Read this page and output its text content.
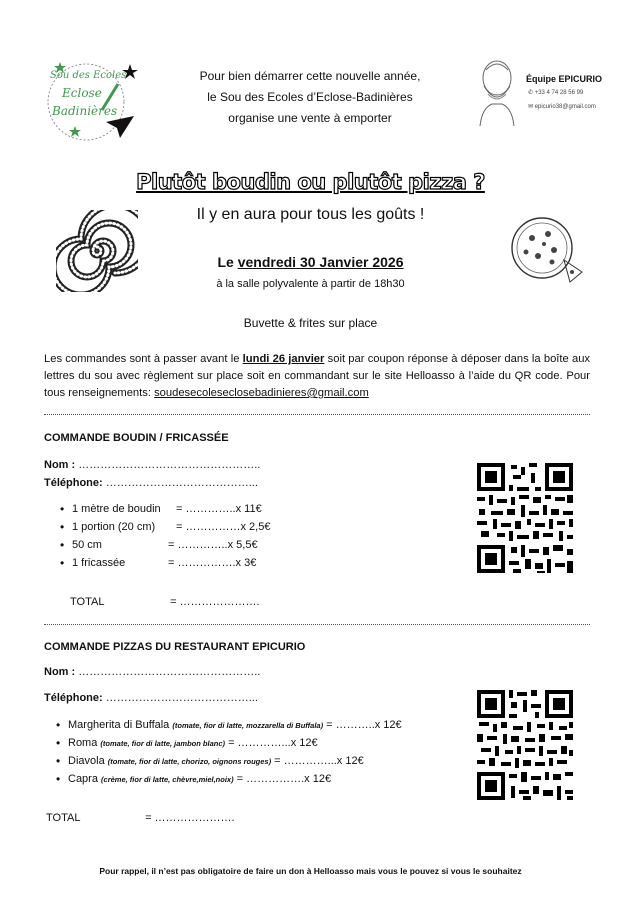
Sou des Ecoles
Eclose
Badinières
Pour bien démarrer cette nouvelle année,
le Sou des Ecoles d’Eclose-Badinières
organise une vente à emporter
Équipe EPICURIO
✆ +33 4 74 28 56 99
✉ epicurio38@gmail.com
Plutôt boudin ou plutôt pizza ?
Il y en aura pour tous les goûts !
Le vendredi 30 Janvier 2026
à la salle polyvalente à partir de 18h30
Buvette & frites sur place
Les commandes sont à passer avant le lundi 26 janvier soit par coupon réponse à déposer dans la boîte aux lettres du sou avec règlement sur place soit en commandant sur le site Helloasso à l’aide du QR code. Pour tous renseignements: soudesecoleseclosebadinieres@gmail.com
COMMANDE BOUDIN / FRICASSÉE
Nom : …………………………………………..
Téléphone: …………………………………...
• 1 mètre de boudin = …………..x 11€
• 1 portion (20 cm) = ……………x 2,5€
• 50 cm	= …………..x 5,5€
• 1 fricassée	= …………….x 3€
TOTAL	= ………………….
COMMANDE PIZZAS DU RESTAURANT EPICURIO
Nom : …………………………………………..
Téléphone: …………………………………...
• Margherita di Buffala (tomate, fior di latte, mozzarella di Buffala) = ………..x 12€
• Roma (tomate, fior di latte, jambon blanc) = …………...x 12€
• Diavola (tomate, fior di latte, chorizo, oignons rouges) = …………...x 12€
• Capra (crème, fior di latte, chèvre,miel,noix) = …………….x 12€
TOTAL	= ………………….
Pour rappel, il n’est pas obligatoire de faire un don à Helloasso mais vous le pouvez si vous le souhaitez
